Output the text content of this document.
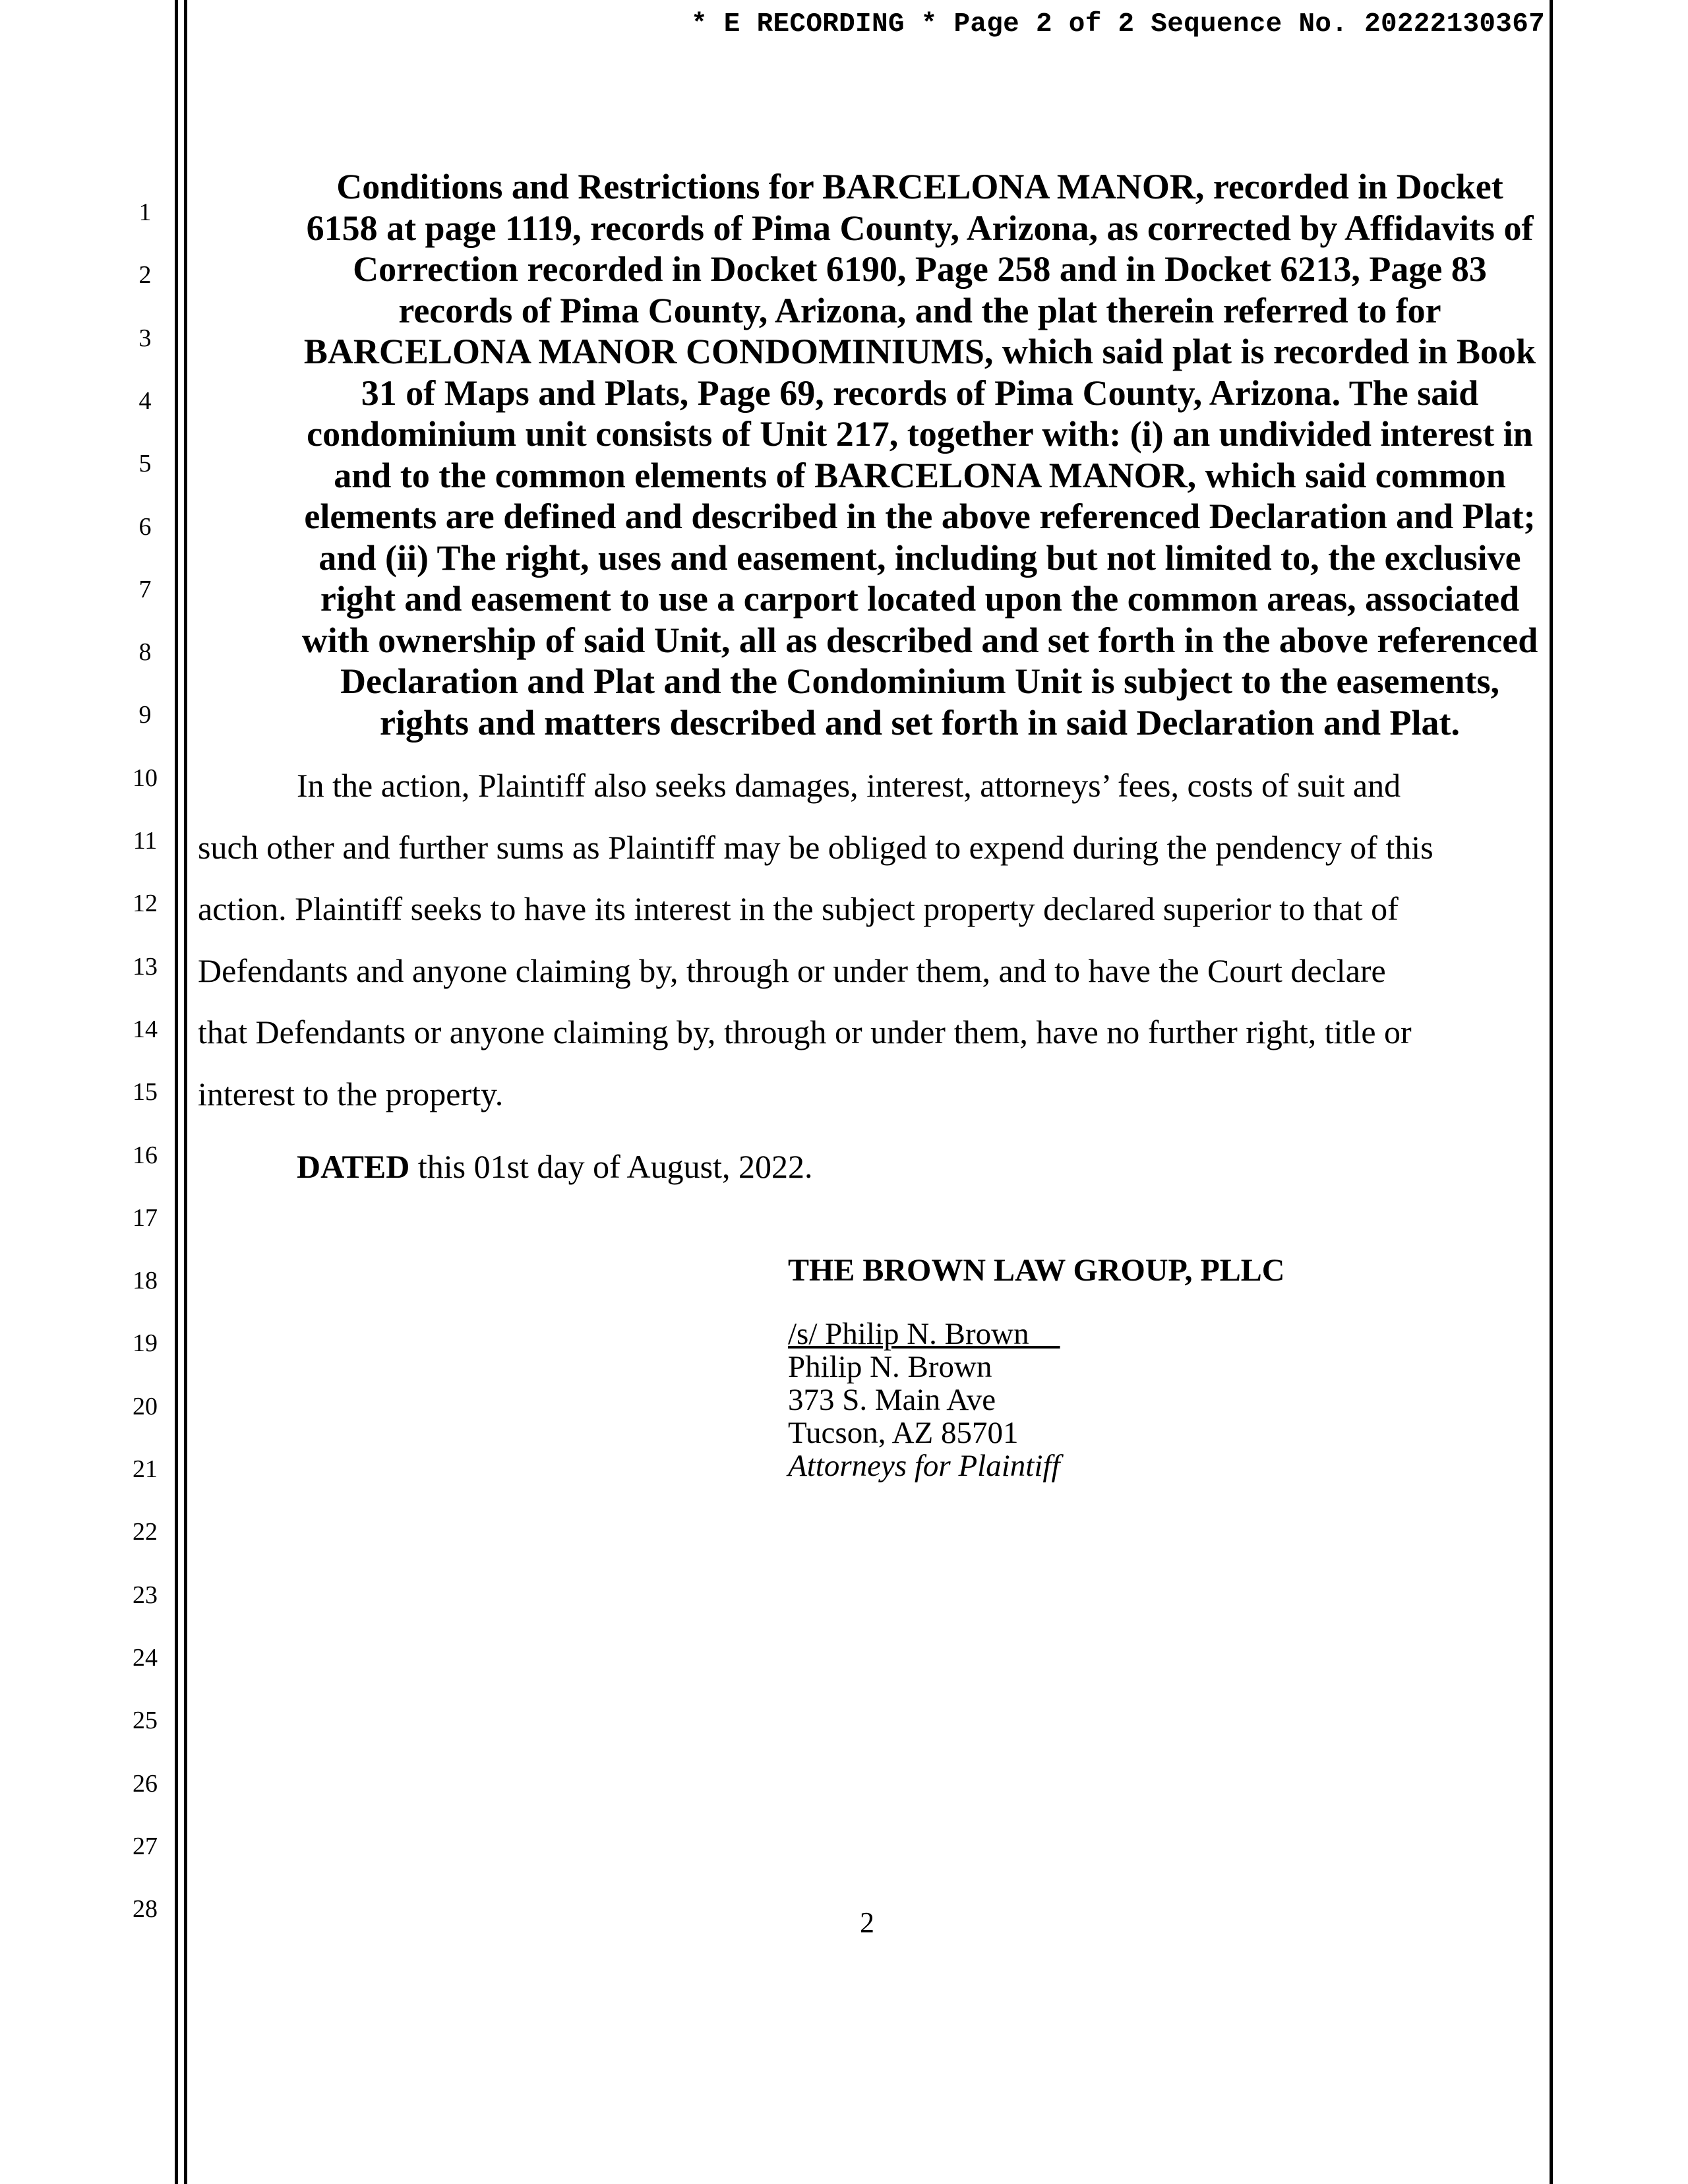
* E RECORDING * Page 2 of 2 Sequence No. 20222130367
1
2
3
4
5
6
7
8
9
10
11
12
13
14
15
16
17
18
19
20
21
22
23
24
25
26
27
28
Conditions and Restrictions for BARCELONA MANOR, recorded in Docket
6158 at page 1119, records of Pima County, Arizona, as corrected by Affidavits of
Correction recorded in Docket 6190, Page 258 and in Docket 6213, Page 83
records of Pima County, Arizona, and the plat therein referred to for
BARCELONA MANOR CONDOMINIUMS, which said plat is recorded in Book
31 of Maps and Plats, Page 69, records of Pima County, Arizona. The said
condominium unit consists of Unit 217, together with: (i) an undivided interest in
and to the common elements of BARCELONA MANOR, which said common
elements are defined and described in the above referenced Declaration and Plat;
and (ii) The right, uses and easement, including but not limited to, the exclusive
right and easement to use a carport located upon the common areas, associated
with ownership of said Unit, all as described and set forth in the above referenced
Declaration and Plat and the Condominium Unit is subject to the easements,
rights and matters described and set forth in said Declaration and Plat.
In the action, Plaintiff also seeks damages, interest, attorneys’ fees, costs of suit and
such other and further sums as Plaintiff may be obliged to expend during the pendency of this
action. Plaintiff seeks to have its interest in the subject property declared superior to that of
Defendants and anyone claiming by, through or under them, and to have the Court declare
that Defendants or anyone claiming by, through or under them, have no further right, title or
interest to the property.
DATED this 01st day of August, 2022.
THE BROWN LAW GROUP, PLLC
/s/ Philip N. Brown
Philip N. Brown
373 S. Main Ave
Tucson, AZ 85701
Attorneys for Plaintiff
2
